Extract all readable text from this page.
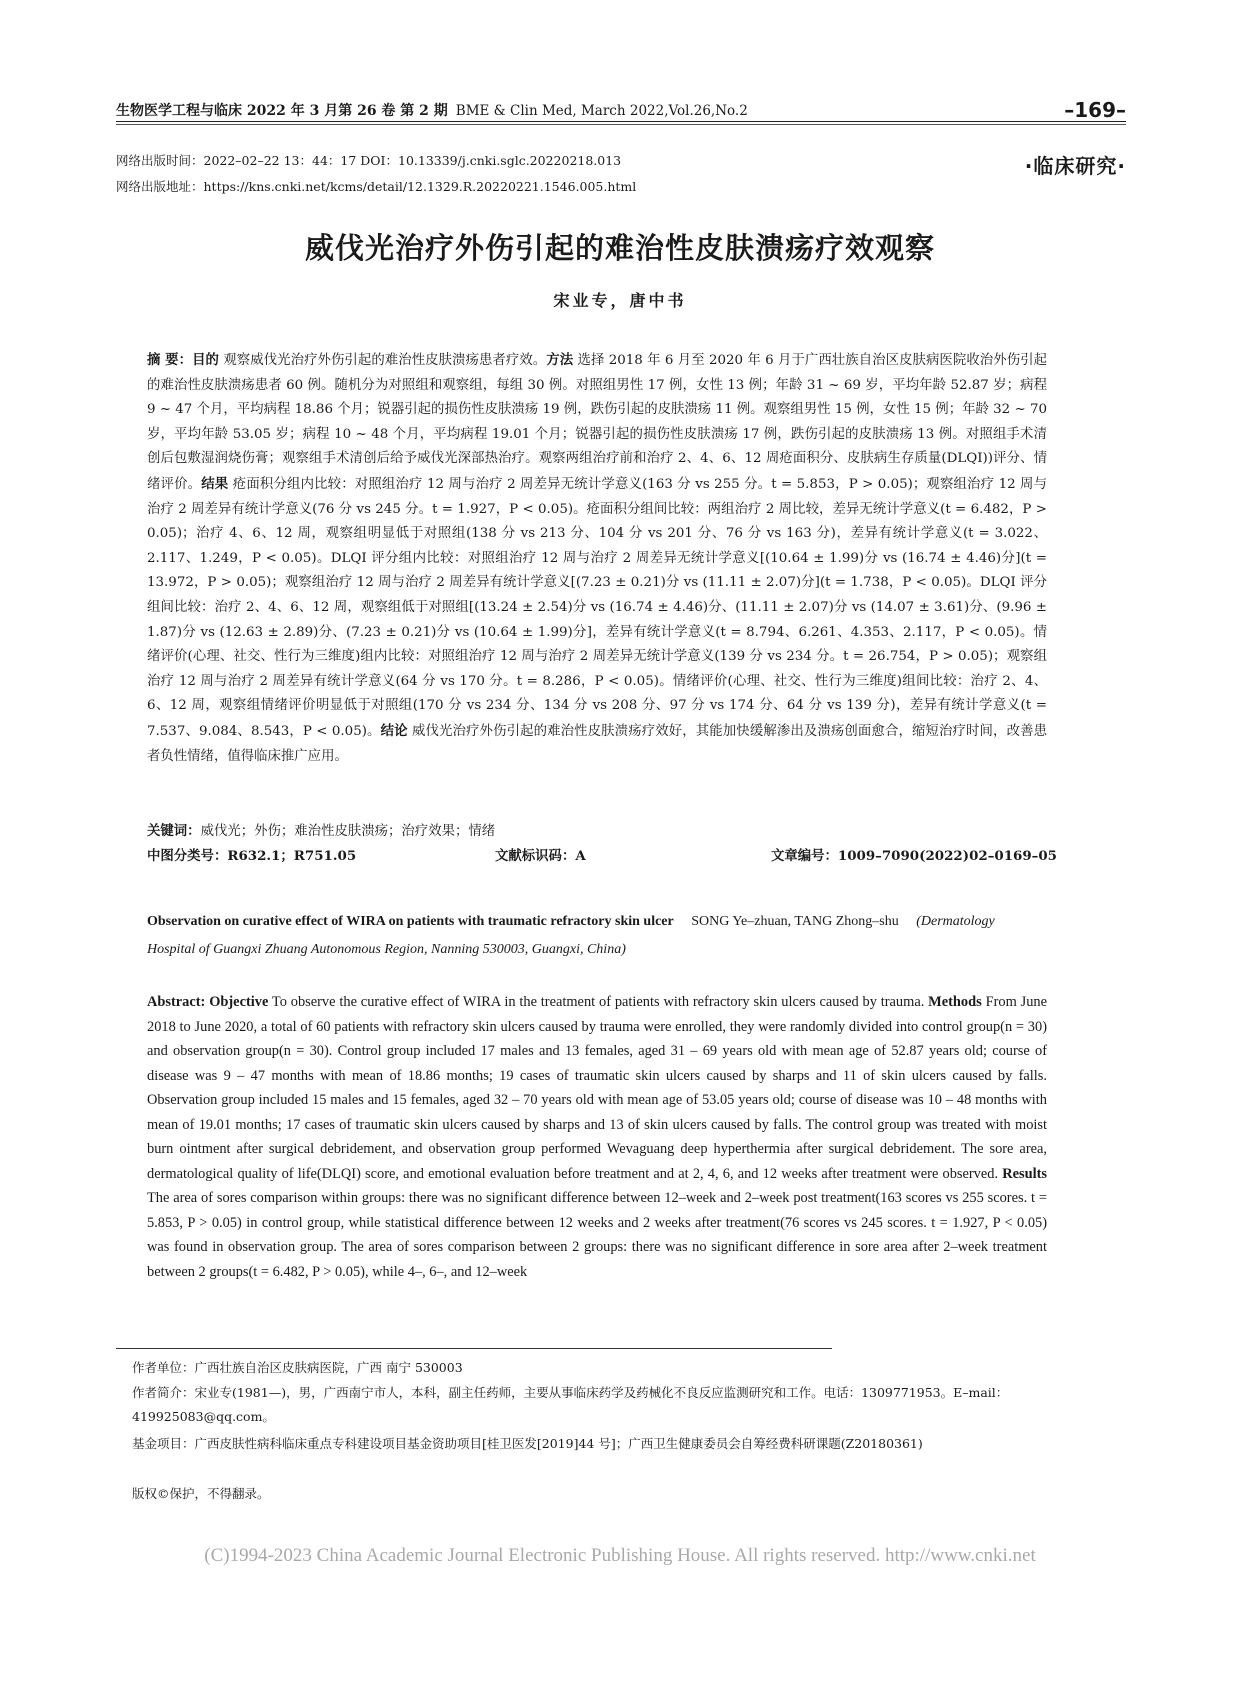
生物医学工程与临床 2022 年 3 月第 26 卷 第 2 期 BME & Clin Med, March 2022,Vol.26,No.2	–169–
网络出版时间：2022–02–22 13：44：17 DOI：10.13339/j.cnki.sglc.20220218.013
网络出版地址：https://kns.cnki.net/kcms/detail/12.1329.R.20220221.1546.005.html
·临床研究·
威伐光治疗外伤引起的难治性皮肤溃疡疗效观察
宋业专，唐中书
摘 要：目的 观察威伐光治疗外伤引起的难治性皮肤溃疡患者疗效。方法 选择 2018 年 6 月至 2020 年 6 月于广西壮族自治区皮肤病医院收治外伤引起的难治性皮肤溃疡患者 60 例。随机分为对照组和观察组，每组 30 例。对照组男性 17 例，女性 13 例；年龄 31 ~ 69 岁，平均年龄 52.87 岁；病程 9 ~ 47 个月，平均病程 18.86 个月；锐器引起的损伤性皮肤溃疡 19 例，跌伤引起的皮肤溃疡 11 例。观察组男性 15 例，女性 15 例；年龄 32 ~ 70 岁，平均年龄 53.05 岁；病程 10 ~ 48 个月，平均病程 19.01 个月；锐器引起的损伤性皮肤溃疡 17 例，跌伤引起的皮肤溃疡 13 例。对照组手术清创后包敷湿润烧伤膏；观察组手术清创后给予威伐光深部热治疗。观察两组治疗前和治疗 2、4、6、12 周疮面积分、皮肤病生存质量(DLQI))评分、情绪评价。结果 疮面积分组内比较：对照组治疗 12 周与治疗 2 周差异无统计学意义(163 分 vs 255 分。t = 5.853，P > 0.05)；观察组治疗 12 周与治疗 2 周差异有统计学意义(76 分 vs 245 分。t = 1.927，P < 0.05)。疮面积分组间比较：两组治疗 2 周比较，差异无统计学意义(t = 6.482，P > 0.05)；治疗 4、6、12 周，观察组明显低于对照组(138 分 vs 213 分、104 分 vs 201 分、76 分 vs 163 分)，差异有统计学意义(t = 3.022、2.117、1.249，P < 0.05)。DLQI 评分组内比较：对照组治疗 12 周与治疗 2 周差异无统计学意义[(10.64 ± 1.99)分 vs (16.74 ± 4.46)分](t = 13.972，P > 0.05)；观察组治疗 12 周与治疗 2 周差异有统计学意义[(7.23 ± 0.21)分 vs (11.11 ± 2.07)分](t = 1.738，P < 0.05)。DLQI 评分组间比较：治疗 2、4、6、12 周，观察组低于对照组[(13.24 ± 2.54)分 vs (16.74 ± 4.46)分、(11.11 ± 2.07)分 vs (14.07 ± 3.61)分、(9.96 ± 1.87)分 vs (12.63 ± 2.89)分、(7.23 ± 0.21)分 vs (10.64 ± 1.99)分]，差异有统计学意义(t = 8.794、6.261、4.353、2.117，P < 0.05)。情绪评价(心理、社交、性行为三维度)组内比较：对照组治疗 12 周与治疗 2 周差异无统计学意义(139 分 vs 234 分。t = 26.754，P > 0.05)；观察组治疗 12 周与治疗 2 周差异有统计学意义(64 分 vs 170 分。t = 8.286，P < 0.05)。情绪评价(心理、社交、性行为三维度)组间比较：治疗 2、4、6、12 周，观察组情绪评价明显低于对照组(170 分 vs 234 分、134 分 vs 208 分、97 分 vs 174 分、64 分 vs 139 分)，差异有统计学意义(t = 7.537、9.084、8.543，P < 0.05)。结论 威伐光治疗外伤引起的难治性皮肤溃疡疗效好，其能加快缓解渗出及溃疡创面愈合，缩短治疗时间，改善患者负性情绪，值得临床推广应用。
关键词：威伐光；外伤；难治性皮肤溃疡；治疗效果；情绪
中图分类号：R632.1；R751.05	文献标识码：A	文章编号：1009–7090(2022)02–0169–05
Observation on curative effect of WIRA on patients with traumatic refractory skin ulcer SONG Ye–zhuan, TANG Zhong–shu (Dermatology Hospital of Guangxi Zhuang Autonomous Region, Nanning 530003, Guangxi, China)
Abstract: Objective To observe the curative effect of WIRA in the treatment of patients with refractory skin ulcers caused by trauma. Methods From June 2018 to June 2020, a total of 60 patients with refractory skin ulcers caused by trauma were enrolled, they were randomly divided into control group(n = 30) and observation group(n = 30). Control group included 17 males and 13 females, aged 31 – 69 years old with mean age of 52.87 years old; course of disease was 9 – 47 months with mean of 18.86 months; 19 cases of traumatic skin ulcers caused by sharps and 11 of skin ulcers caused by falls. Observation group included 15 males and 15 females, aged 32 – 70 years old with mean age of 53.05 years old; course of disease was 10 – 48 months with mean of 19.01 months; 17 cases of traumatic skin ulcers caused by sharps and 13 of skin ulcers caused by falls. The control group was treated with moist burn ointment after surgical debridement, and observation group performed Wevaguang deep hyperthermia after surgical debridement. The sore area, dermatological quality of life(DLQI) score, and emotional evaluation before treatment and at 2, 4, 6, and 12 weeks after treatment were observed. Results The area of sores comparison within groups: there was no significant difference between 12–week and 2–week post treatment(163 scores vs 255 scores. t = 5.853, P > 0.05) in control group, while statistical difference between 12 weeks and 2 weeks after treatment(76 scores vs 245 scores. t = 1.927, P < 0.05) was found in observation group. The area of sores comparison between 2 groups: there was no significant difference in sore area after 2–week treatment between 2 groups(t = 6.482, P > 0.05), while 4–, 6–, and 12–week
作者单位：广西壮族自治区皮肤病医院，广西 南宁 530003
作者简介：宋业专(1981—)，男，广西南宁市人，本科，副主任药师，主要从事临床药学及药械化不良反应监测研究和工作。电话：1309771953。E–mail：419925083@qq.com。
基金项目：广西皮肤性病科临床重点专科建设项目基金资助项目[桂卫医发[2019]44 号]；广西卫生健康委员会自筹经费科研课题(Z20180361)
版权©保护，不得翻录。
(C)1994-2023 China Academic Journal Electronic Publishing House. All rights reserved. http://www.cnki.net
